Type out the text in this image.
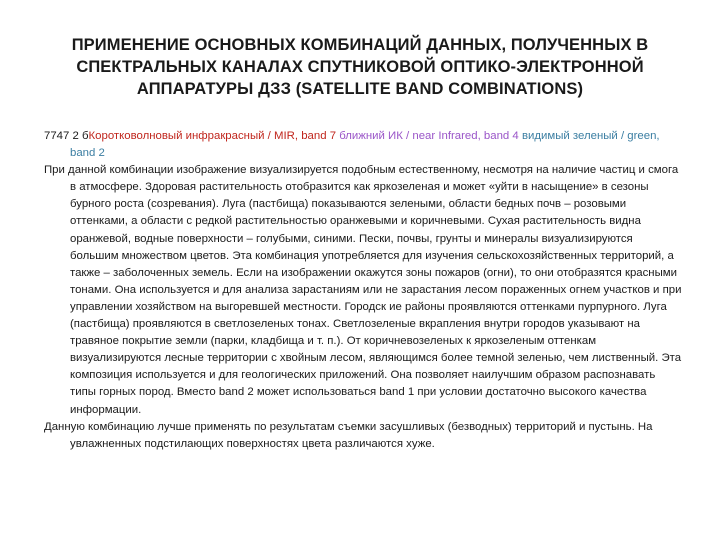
ПРИМЕНЕНИЕ ОСНОВНЫХ КОМБИНАЦИЙ ДАННЫХ, ПОЛУЧЕННЫХ В
СПЕКТРАЛЬНЫХ КАНАЛАХ СПУТНИКОВОЙ ОПТИКО-ЭЛЕКТРОННОЙ
АППАРАТУРЫ ДЗЗ (SATELLITE BAND COMBINATIONS)

7747 2 бКоротковолновый инфракрасный / MIR, band 7 ближний ИК / near Infrared, band 4 видимый зеленый / green, band 2

При данной комбинации изображение визуализируется подобным естественному, несмотря на наличие частиц и смога в атмосфере. Здоровая растительность отобразится как яркозеленая и может «уйти в насыщение» в сезоны бурного роста (созревания). Луга (пастбища) показываются зелеными, области бедных почв – розовыми оттенками, а области с редкой растительностью оранжевыми и коричневыми. Сухая растительность видна оранжевой, водные поверхности – голубыми, синими. Пески, почвы, грунты и минералы визуализируются большим множеством цветов. Эта комбинация употребляется для изучения сельскохозяйственных территорий, а также – заболоченных земель. Если на изображении окажутся зоны пожаров (огни), то они отобразятся красными тонами. Она используется и для анализа зарастаниям или не зарастания лесом пораженных огнем участков и при управлении хозяйством на выгоревшей местности. Городск ие районы проявляются оттенками пурпурного. Луга (пастбища) проявляются в светлозеленых тонах. Светлозеленые вкрапления внутри городов указывают на травяное покрытие земли (парки, кладбища и т. п.). От коричневозеленых к яркозеленым оттенкам визуализируются лесные территории с хвойным лесом, являющимся более темной зеленью, чем лиственный. Эта композиция используется и для геологических приложений. Она позволяет наилучшим образом распознавать типы горных пород. Вместо band 2 может использоваться band 1 при условии достаточно высокого качества информации.

Данную комбинацию лучше применять по результатам съемки засушливых (безводных) территорий и пустынь. На увлажненных подстилающих поверхностях цвета различаются хуже.
